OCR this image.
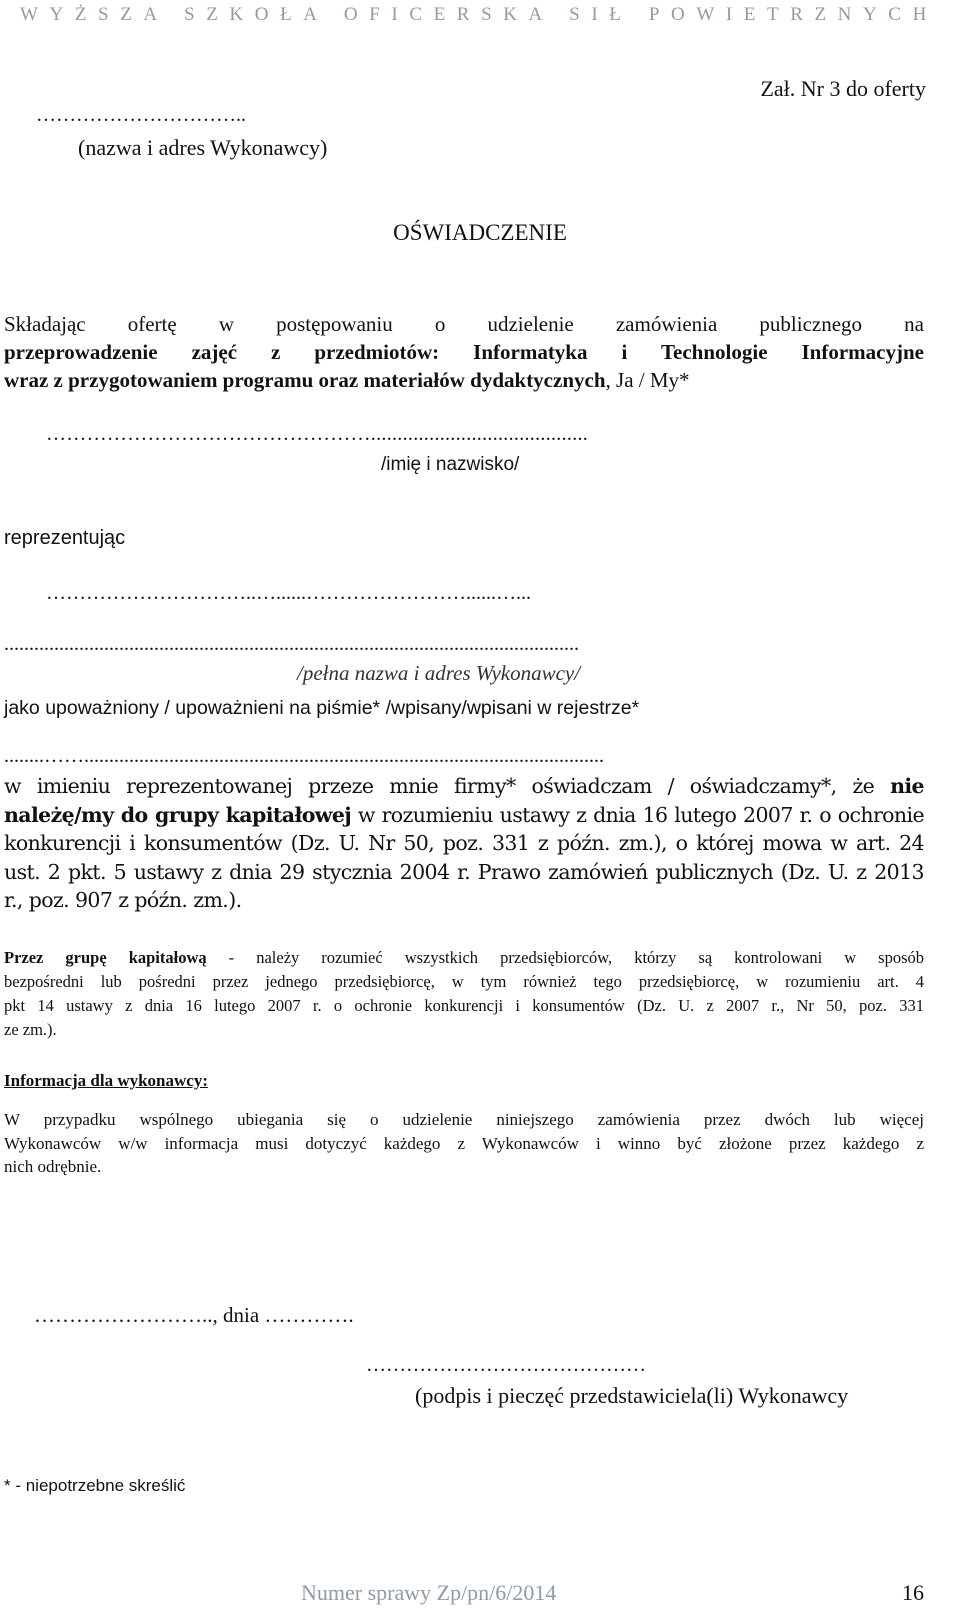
WYŻSZA SZKOŁA OFICERSKA SIŁ POWIETRZNYCH
Zał. Nr 3 do oferty
…………………………..
(nazwa i adres Wykonawcy)
OŚWIADCZENIE
Składając ofertę w postępowaniu o udzielenie zamówienia publicznego na
przeprowadzenie zajęć z przedmiotów: Informatyka i Technologie Informacyjne
wraz z przygotowaniem programu oraz materiałów dydaktycznych, Ja / My*
………………………………………….........................................
/imię i nazwisko/
reprezentując
…………………………..…......……………………......…...
...................................................................................................................
/pełna nazwa i adres Wykonawcy/
jako upoważniony / upoważnieni na piśmie* /wpisany/wpisani w rejestrze*
........……........................................................................................................
w imieniu reprezentowanej przeze mnie firmy* oświadczam / oświadczamy*, że nie
należę/my do grupy kapitałowej w rozumieniu ustawy z dnia 16 lutego 2007 r. o ochronie
konkurencji i konsumentów (Dz. U. Nr 50, poz. 331 z późn. zm.), o której mowa w art. 24
ust. 2 pkt. 5 ustawy z dnia 29 stycznia 2004 r. Prawo zamówień publicznych (Dz. U. z 2013
r., poz. 907 z późn. zm.).
Przez grupę kapitałową - należy rozumieć wszystkich przedsiębiorców, którzy są kontrolowani w sposób
bezpośredni lub pośredni przez jednego przedsiębiorcę, w tym również tego przedsiębiorcę, w rozumieniu art. 4
pkt 14 ustawy z dnia 16 lutego 2007 r. o ochronie konkurencji i konsumentów (Dz. U. z 2007 r., Nr 50, poz. 331
ze zm.).
Informacja dla wykonawcy:
W przypadku wspólnego ubiegania się o udzielenie niniejszego zamówienia przez dwóch lub więcej
Wykonawców w/w informacja musi dotyczyć każdego z Wykonawców i winno być złożone przez każdego z
nich odrębnie.
…………………….., dnia ………….
……………………………………
(podpis i pieczęć przedstawiciela(li) Wykonawcy
* - niepotrzebne skreślić
Numer sprawy Zp/pn/6/2014	16
